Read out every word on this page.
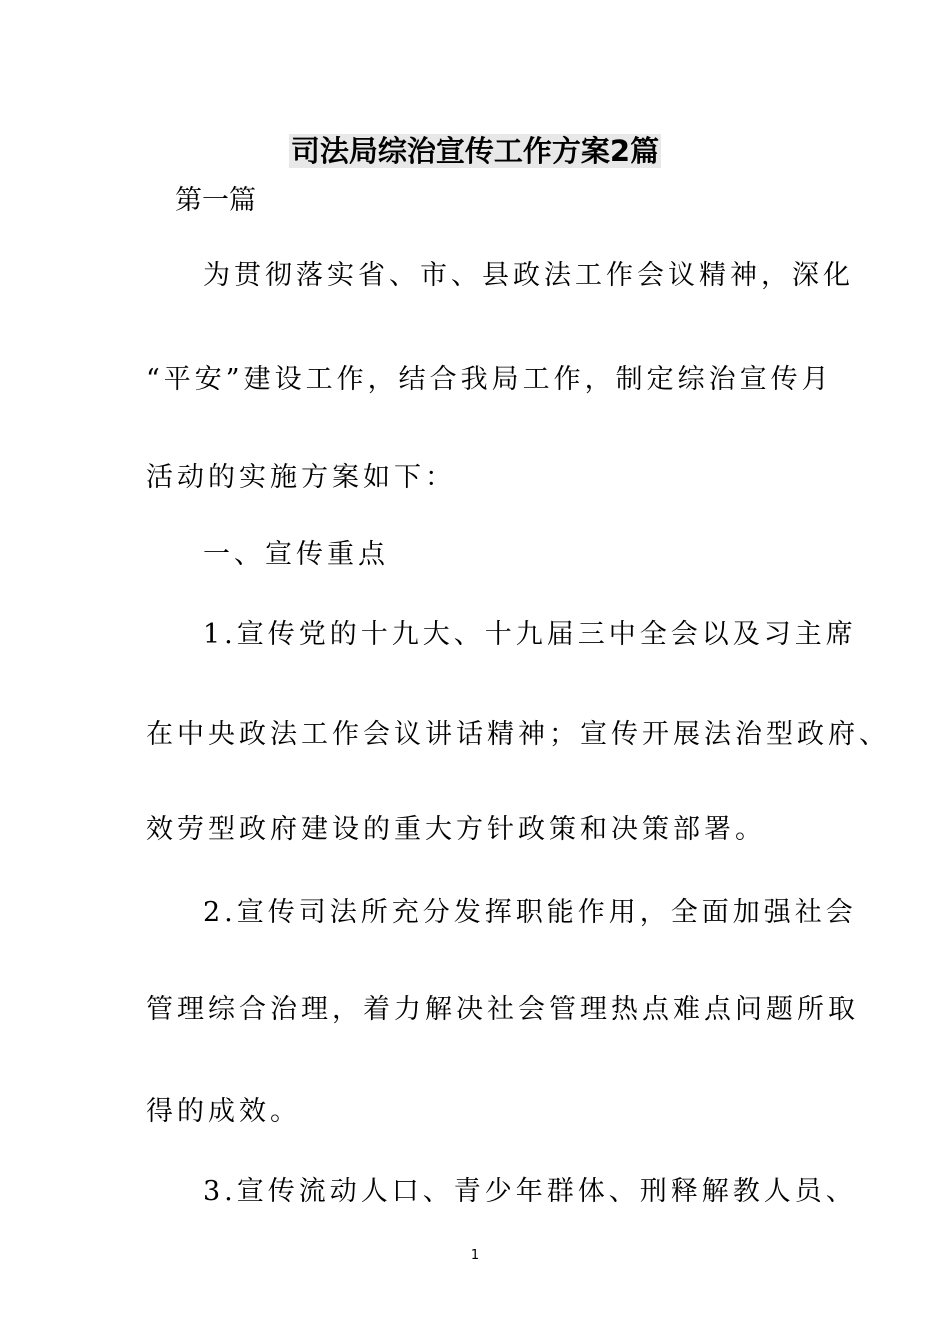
司法局综治宣传工作方案2篇
第一篇
为贯彻落实省、市、县政法工作会议精神，深化
“平安”建设工作，结合我局工作，制定综治宣传月
活动的实施方案如下：
一、宣传重点
1.宣传党的十九大、十九届三中全会以及习主席
在中央政法工作会议讲话精神；宣传开展法治型政府、
效劳型政府建设的重大方针政策和决策部署。
2.宣传司法所充分发挥职能作用，全面加强社会
管理综合治理，着力解决社会管理热点难点问题所取
得的成效。
3.宣传流动人口、青少年群体、刑释解教人员、
1
